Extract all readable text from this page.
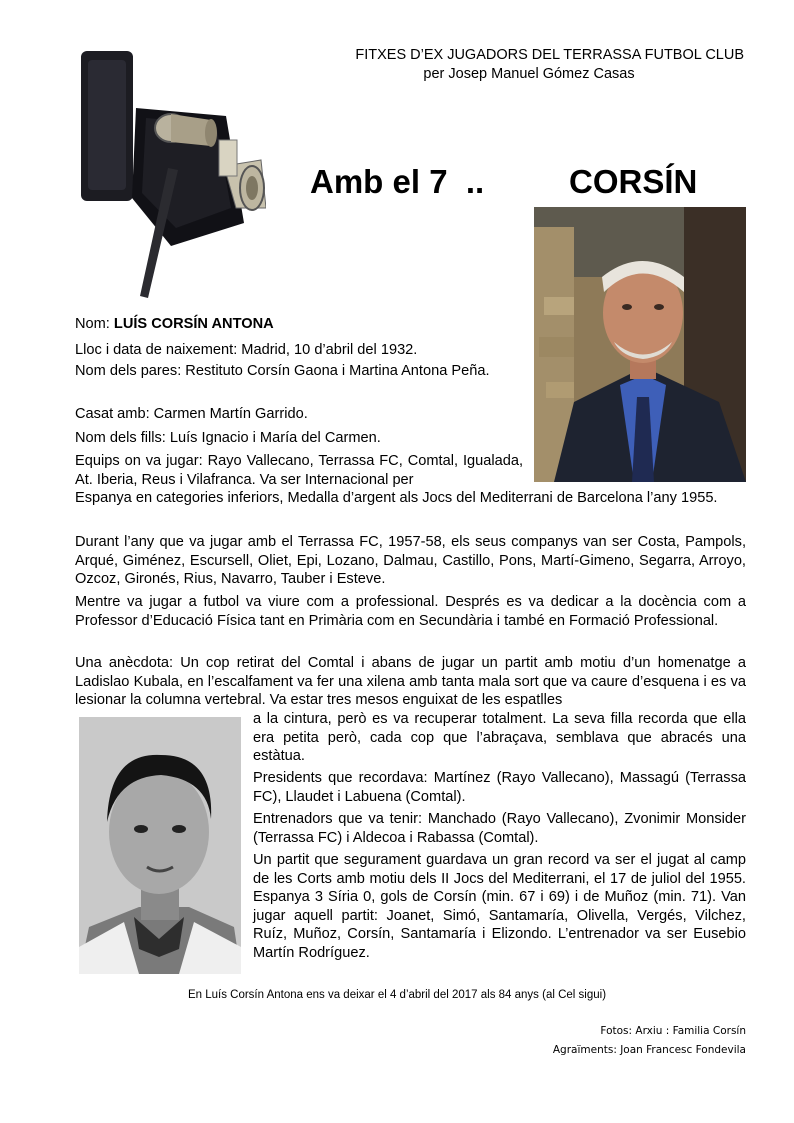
FITXES D’EX JUGADORS DEL TERRASSA FUTBOL CLUB
per Josep Manuel Gómez Casas
Amb el 7  ..	CORSÍN

Nom: LUÍS CORSÍN ANTONA

Lloc i data de naixement: Madrid, 10 d’abril del 1932.

Nom dels pares: Restituto Corsín Gaona i Martina Antona Peña.

Casat amb: Carmen Martín Garrido.

Nom dels fills: Luís Ignacio i María del Carmen.

Equips on va jugar: Rayo Vallecano, Terrassa FC, Comtal, Igualada, At. Iberia, Reus i Vilafranca. Va ser Internacional per

Espanya en categories inferiors, Medalla d’argent als Jocs del Mediterrani de Barcelona l’any 1955.

Durant l’any que va jugar amb el Terrassa FC, 1957-58, els seus companys van ser Costa, Pampols, Arqué, Giménez, Escursell, Oliet, Epi, Lozano, Dalmau, Castillo, Pons, Martí-Gimeno, Segarra, Arroyo, Ozcoz, Gironés, Rius, Navarro, Tauber i Esteve.

Mentre va jugar a futbol va viure com a professional. Després es va dedicar a la docència com a Professor d’Educació Física tant en Primària com en Secundària i també en Formació Professional.

Una anècdota: Un cop retirat del Comtal i abans de jugar un partit amb motiu d’un homenatge a Ladislao Kubala, en l’escalfament va fer una xilena amb tanta mala sort que va caure d’esquena i es va lesionar la columna vertebral. Va estar tres mesos enguixat de les espatlles

a la cintura, però es va recuperar totalment. La seva filla recorda que ella era petita però, cada cop que l’abraçava, semblava que abracés una estàtua.

Presidents que recordava: Martínez (Rayo Vallecano), Massagú (Terrassa FC), Llaudet i Labuena (Comtal).

Entrenadors que va tenir: Manchado (Rayo Vallecano), Zvonimir Monsider (Terrassa FC) i Aldecoa i Rabassa (Comtal).

Un partit que segurament guardava un gran record va ser el jugat al camp de les Corts amb motiu dels II Jocs del Mediterrani, el 17 de juliol del 1955. Espanya 3 Síria 0, gols de Corsín (min. 67 i 69) i de Muñoz (min. 71). Van jugar aquell partit: Joanet, Simó, Santamaría, Olivella, Vergés, Vilchez, Ruíz, Muñoz, Corsín, Santamaría i Elizondo. L’entrenador va ser Eusebio Martín Rodríguez.

En Luís Corsín Antona ens va deixar el 4 d’abril del 2017 als 84 anys (al Cel sigui)
Fotos: Arxiu : Familia Corsín
Agraïments: Joan Francesc Fondevila
